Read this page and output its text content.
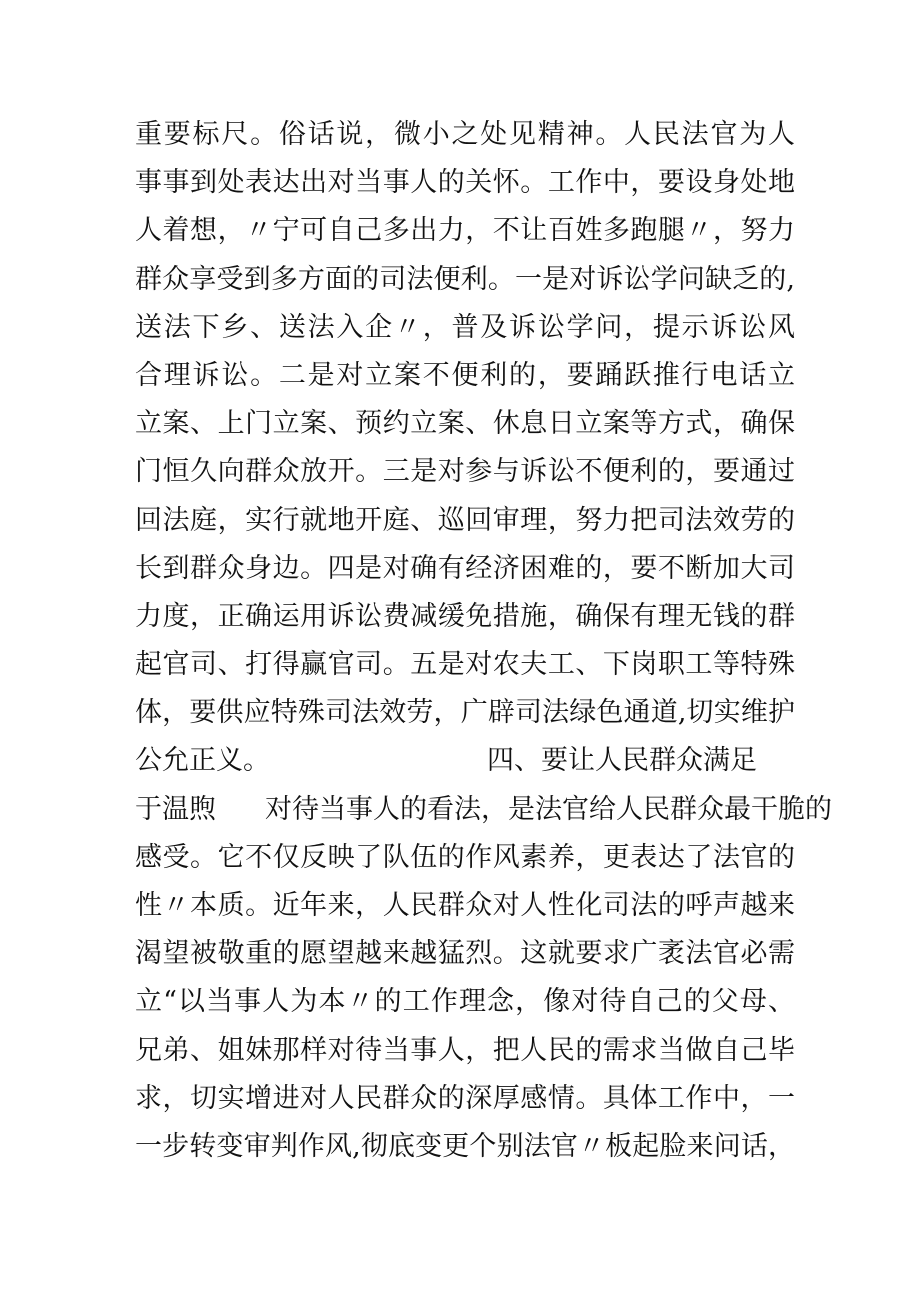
重要标尺。俗话说，微小之处见精神。人民法官为人
事事到处表达出对当事人的关怀。工作中，要设身处地
人着想，〃宁可自己多出力，不让百姓多跑腿〃，努力
群众享受到多方面的司法便利。一是对诉讼学问缺乏的,
送法下乡、送法入企〃，普及诉讼学问，提示诉讼风
合理诉讼。二是对立案不便利的，要踊跃推行电话立
立案、上门立案、预约立案、休息日立案等方式，确保
门恒久向群众放开。三是对参与诉讼不便利的，要通过
回法庭，实行就地开庭、巡回审理，努力把司法效劳的
长到群众身边。四是对确有经济困难的，要不断加大司
力度，正确运用诉讼费减缓免措施，确保有理无钱的群
起官司、打得赢官司。五是对农夫工、下岗职工等特殊
体，要供应特殊司法效劳，广辟司法绿色通道,切实维护

公允正义。

	四、要让人民群众满足

于温煦

对待当事人的看法，是法官给人民群众最干脆的

感受。它不仅反映了队伍的作风素养，更表达了法官的
性〃本质。近年来，人民群众对人性化司法的呼声越来
渴望被敬重的愿望越来越猛烈。这就要求广袤法官必需
立“以当事人为本〃的工作理念，像对待自己的父母、
兄弟、姐妹那样对待当事人，把人民的需求当做自己毕
求，切实增进对人民群众的深厚感情。具体工作中，一
一步转变审判作风,彻底变更个别法官〃板起脸来问话，
